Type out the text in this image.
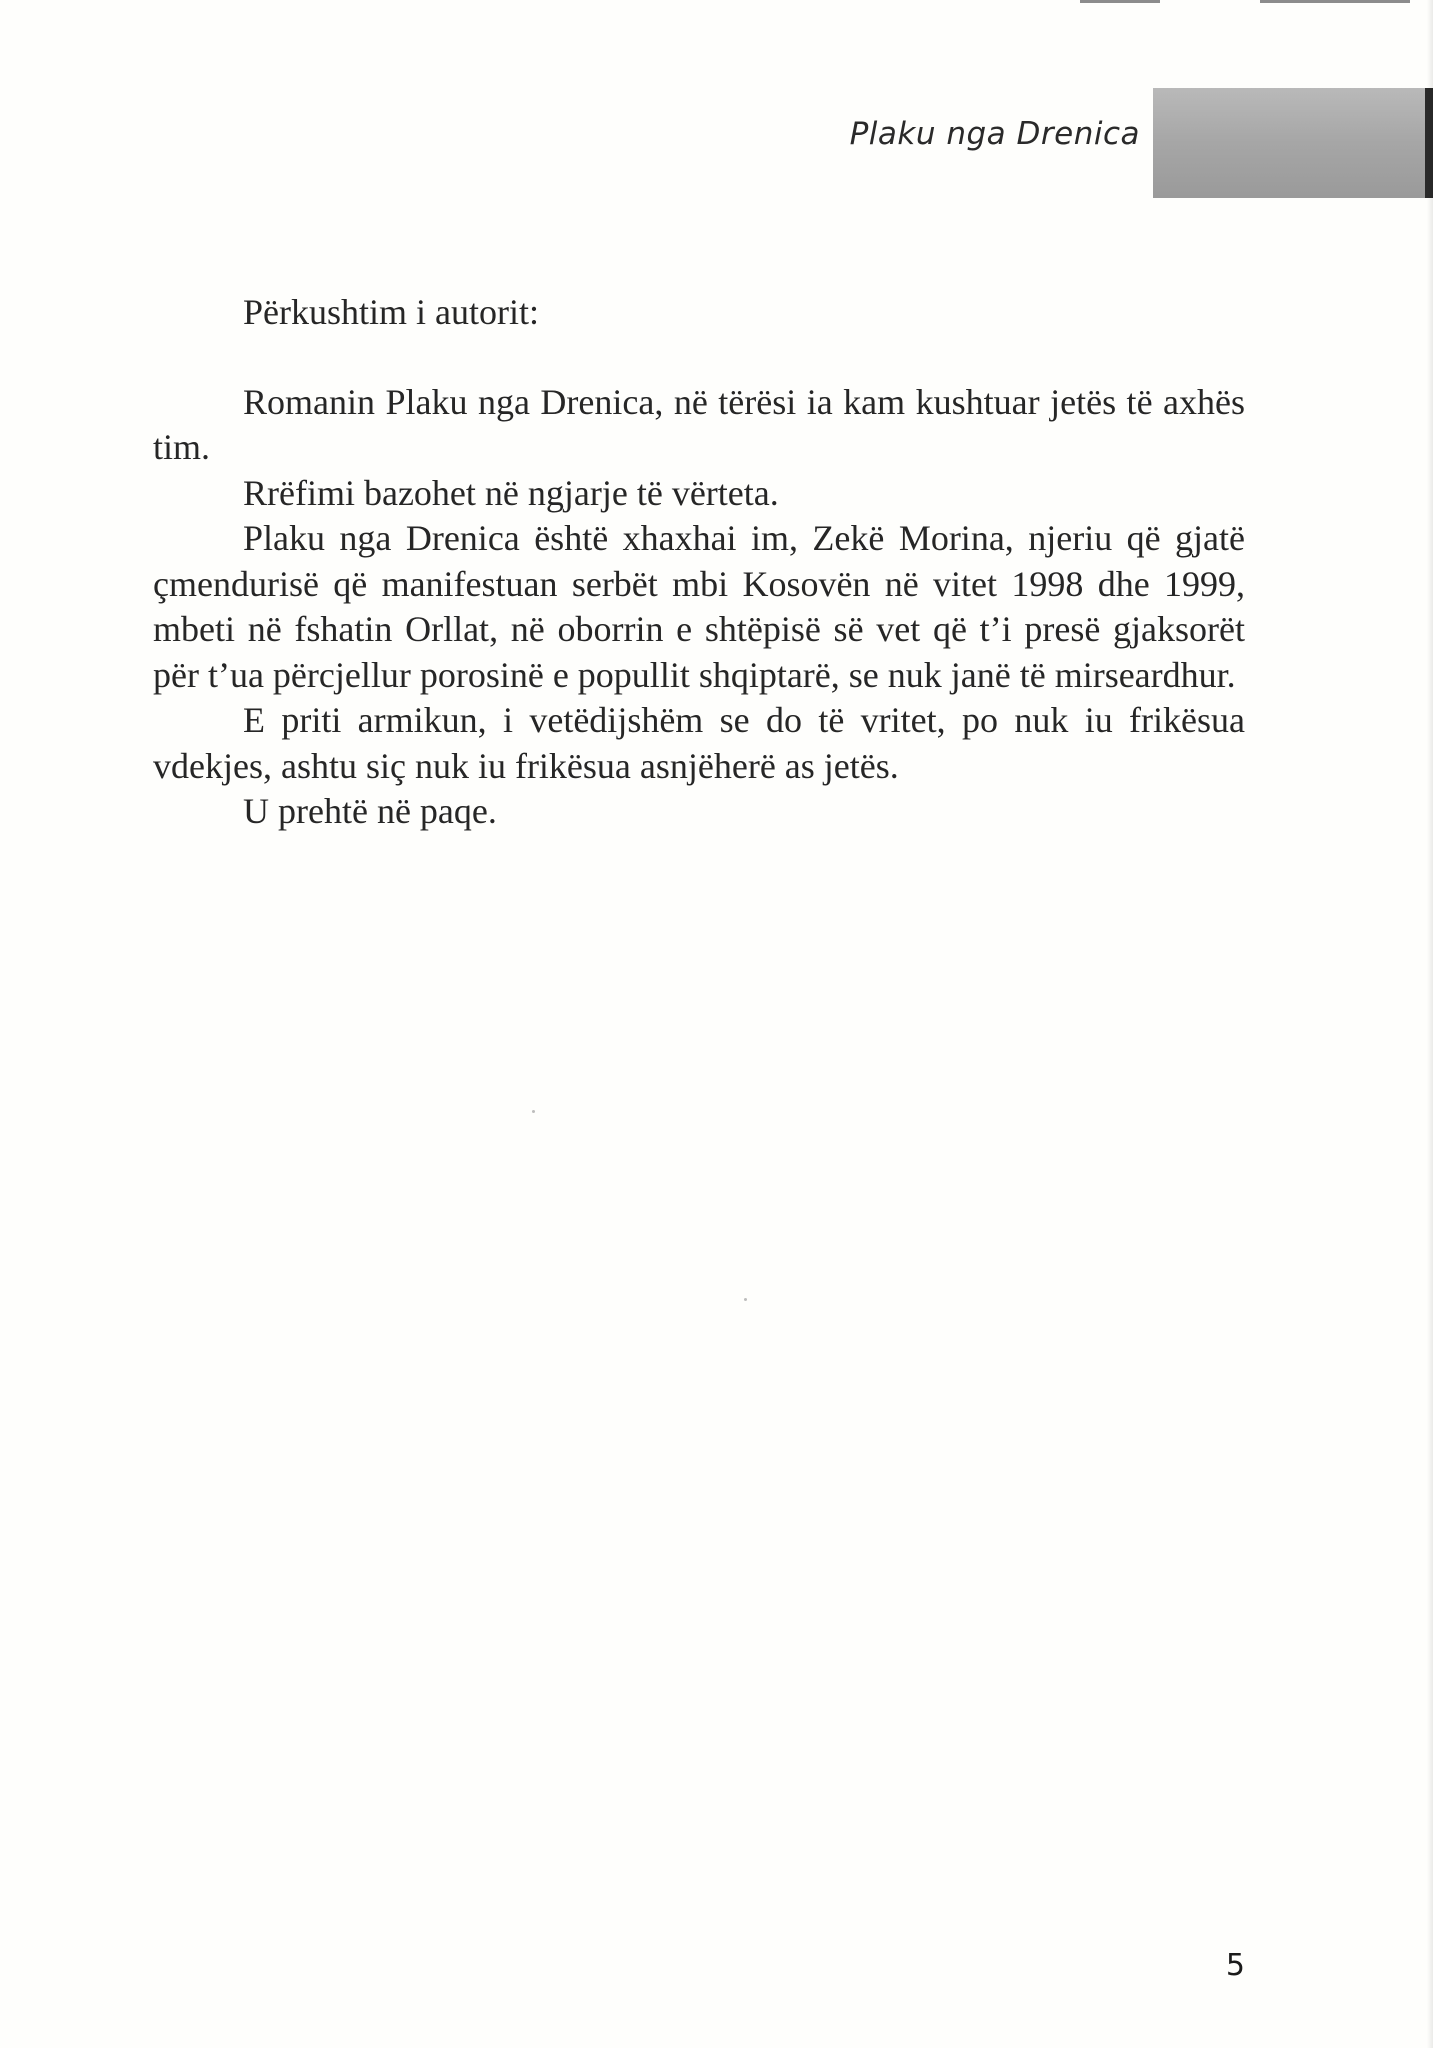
Plaku nga Drenica
Përkushtim i autorit:

Romanin Plaku nga Drenica, në tërësi ia kam kushtuar jetës të axhës tim.

Rrëfimi bazohet në ngjarje të vërteta.

Plaku nga Drenica është xhaxhai im, Zekë Morina, njeriu që gjatë çmendurisë që manifestuan serbët mbi Kosovën në vitet 1998 dhe 1999, mbeti në fshatin Orllat, në oborrin e shtëpisë së vet që t’i presë gjaksorët për t’ua përcjellur porosinë e popullit shqiptarë, se nuk janë të mirseardhur.

E priti armikun, i vetëdijshëm se do të vritet, po nuk iu frikësua vdekjes, ashtu siç nuk iu frikësua asnjëherë as jetës.

U prehtë në paqe.

5
